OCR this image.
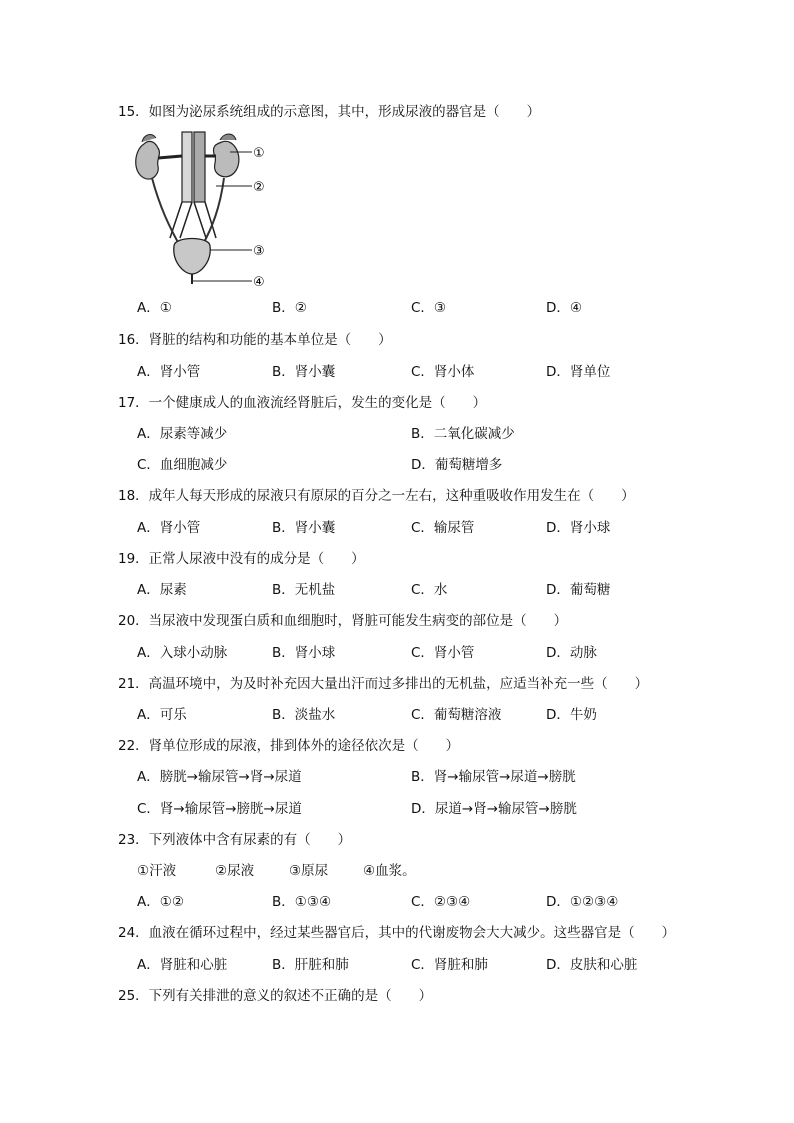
15．如图为泌尿系统组成的示意图，其中，形成尿液的器官是（　　）
①
②
③
④
A．①	B．②	C．③	D．④
16．肾脏的结构和功能的基本单位是（　　）
A．肾小管	B．肾小囊	C．肾小体	D．肾单位
17．一个健康成人的血液流经肾脏后，发生的变化是（　　）
A．尿素等减少	B．二氧化碳减少
C．血细胞减少	D．葡萄糖增多
18．成年人每天形成的尿液只有原尿的百分之一左右，这种重吸收作用发生在（　　）
A．肾小管	B．肾小囊	C．输尿管	D．肾小球
19．正常人尿液中没有的成分是（　　）
A．尿素	B．无机盐	C．水	D．葡萄糖
20．当尿液中发现蛋白质和血细胞时，肾脏可能发生病变的部位是（　　）
A．入球小动脉	B．肾小球	C．肾小管	D．动脉
21．高温环境中，为及时补充因大量出汗而过多排出的无机盐，应适当补充一些（　　）
A．可乐	B．淡盐水	C．葡萄糖溶液	D．牛奶
22．肾单位形成的尿液，排到体外的途径依次是（　　）
A．膀胱→输尿管→肾→尿道	B．肾→输尿管→尿道→膀胱
C．肾→输尿管→膀胱→尿道	D．尿道→肾→输尿管→膀胱
23．下列液体中含有尿素的有（　　）
①汗液	②尿液	③原尿	④血浆。
A．①②	B．①③④	C．②③④	D．①②③④
24．血液在循环过程中，经过某些器官后，其中的代谢废物会大大减少。这些器官是（　　）
A．肾脏和心脏	B．肝脏和肺	C．肾脏和肺	D．皮肤和心脏
25．下列有关排泄的意义的叙述不正确的是（　　）
